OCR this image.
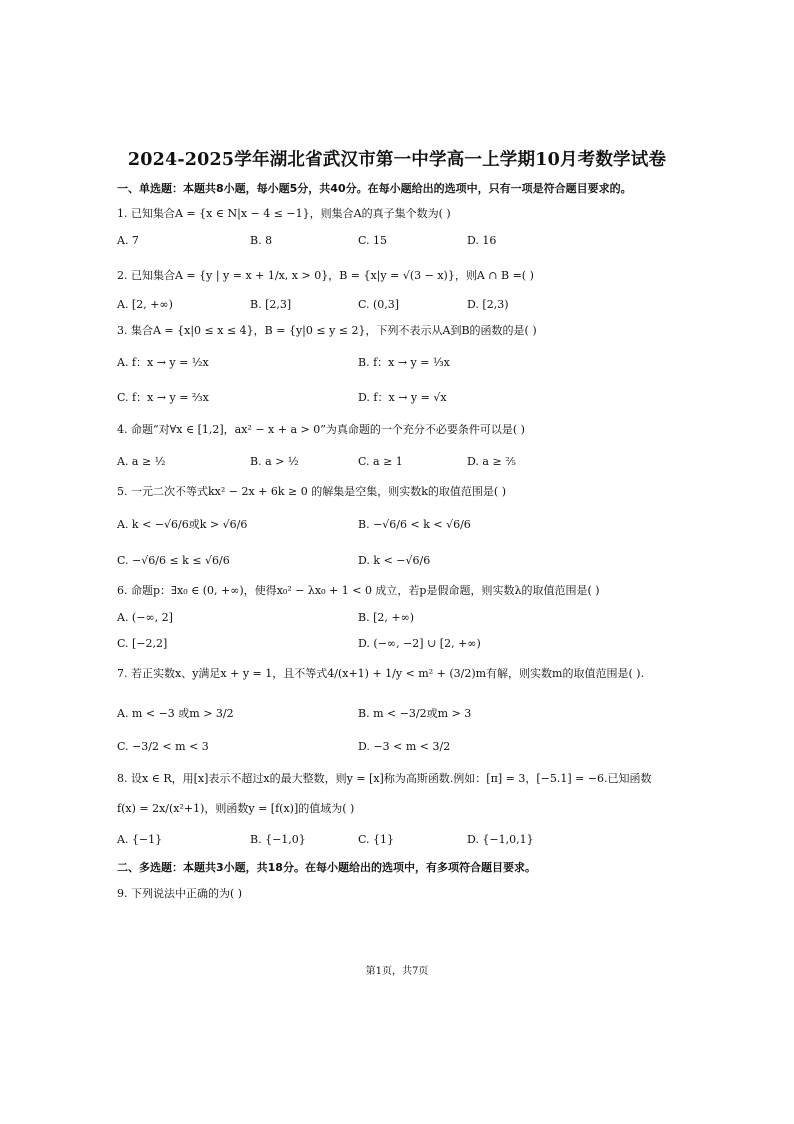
2024-2025学年湖北省武汉市第一中学高一上学期10月考数学试卷
一、单选题：本题共8小题，每小题5分，共40分。在每小题给出的选项中，只有一项是符合题目要求的。
1. 已知集合A = {x ∈ N|x − 4 ≤ −1}，则集合A的真子集个数为( )
A. 7	B. 8	C. 15	D. 16
2. 已知集合A = {y | y = x + 1/x, x > 0}，B = {x|y = √(3 − x)}，则A ∩ B =( )
A. [2, +∞)	B. [2,3]	C. (0,3]	D. [2,3)
3. 集合A = {x|0 ≤ x ≤ 4}，B = {y|0 ≤ y ≤ 2}，下列不表示从A到B的函数的是( )
A. f：x → y = ½x	B. f：x → y = ⅓x
C. f：x → y = ⅔x	D. f：x → y = √x
4. 命题“对∀x ∈ [1,2]，ax² − x + a > 0”为真命题的一个充分不必要条件可以是( )
A. a ≥ ½	B. a > ½	C. a ≥ 1	D. a ≥ ⅖
5. 一元二次不等式kx² − 2x + 6k ≥ 0 的解集是空集，则实数k的取值范围是( )
A. k < −√6/6或k > √6/6	B. −√6/6 < k < √6/6
C. −√6/6 ≤ k ≤ √6/6	D. k < −√6/6
6. 命题p：∃x₀ ∈ (0, +∞)，使得x₀² − λx₀ + 1 < 0 成立，若p是假命题，则实数λ的取值范围是( )
A. (−∞, 2]	B. [2, +∞)
C. [−2,2]	D. (−∞, −2] ∪ [2, +∞)
7. 若正实数x、y满足x + y = 1，且不等式4/(x+1) + 1/y < m² + (3/2)m有解，则实数m的取值范围是( ).
A. m < −3 或m > 3/2	B. m < −3/2或m > 3
C. −3/2 < m < 3	D. −3 < m < 3/2
8. 设x ∈ R，用[x]表示不超过x的最大整数，则y = [x]称为高斯函数.例如：[π] = 3，[−5.1] = −6.已知函数
f(x) = 2x/(x²+1)，则函数y = [f(x)]的值域为( )
A. {−1}	B. {−1,0}	C. {1}	D. {−1,0,1}
二、多选题：本题共3小题，共18分。在每小题给出的选项中，有多项符合题目要求。
9. 下列说法中正确的为( )
第1页，共7页
